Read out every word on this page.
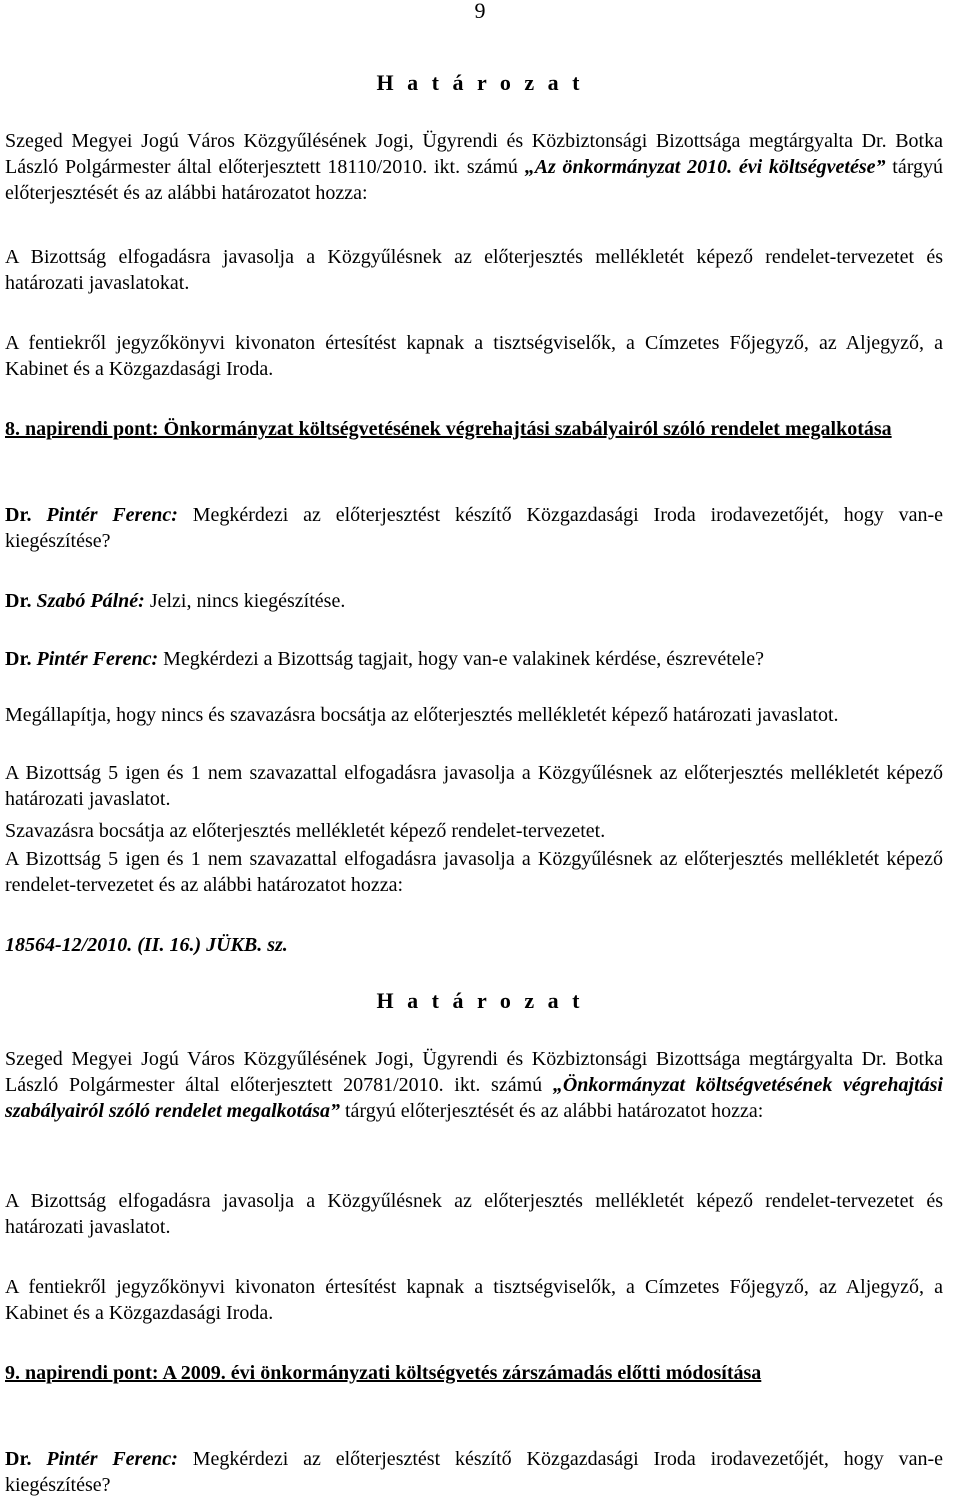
9
H a t á r o z a t

Szeged Megyei Jogú Város Közgyűlésének Jogi, Ügyrendi és Közbiztonsági Bizottsága megtárgyalta Dr. Botka László Polgármester által előterjesztett 18110/2010. ikt. számú „Az önkormányzat 2010. évi költségvetése” tárgyú előterjesztését és az alábbi határozatot hozza:

A Bizottság elfogadásra javasolja a Közgyűlésnek az előterjesztés mellékletét képező rendelet-tervezetet és határozati javaslatokat.

A fentiekről jegyzőkönyvi kivonaton értesítést kapnak a tisztségviselők, a Címzetes Főjegyző, az Aljegyző, a Kabinet és a Közgazdasági Iroda.

8. napirendi pont: Önkormányzat költségvetésének végrehajtási szabályairól szóló rendelet megalkotása

Dr. Pintér Ferenc: Megkérdezi az előterjesztést készítő Közgazdasági Iroda irodavezetőjét, hogy van-e kiegészítése?

Dr. Szabó Pálné: Jelzi, nincs kiegészítése.

Dr. Pintér Ferenc: Megkérdezi a Bizottság tagjait, hogy van-e valakinek kérdése, észrevétele?

Megállapítja, hogy nincs és szavazásra bocsátja az előterjesztés mellékletét képező határozati javaslatot.

A Bizottság 5 igen és 1 nem szavazattal elfogadásra javasolja a Közgyűlésnek az előterjesztés mellékletét képező határozati javaslatot.

Szavazásra bocsátja az előterjesztés mellékletét képező rendelet-tervezetet.

A Bizottság 5 igen és 1 nem szavazattal elfogadásra javasolja a Közgyűlésnek az előterjesztés mellékletét képező rendelet-tervezetet és az alábbi határozatot hozza:

18564-12/2010. (II. 16.) JÜKB. sz.

H a t á r o z a t

Szeged Megyei Jogú Város Közgyűlésének Jogi, Ügyrendi és Közbiztonsági Bizottsága megtárgyalta Dr. Botka László Polgármester által előterjesztett 20781/2010. ikt. számú „Önkormányzat költségvetésének végrehajtási szabályairól szóló rendelet megalkotása” tárgyú előterjesztését és az alábbi határozatot hozza:

A Bizottság elfogadásra javasolja a Közgyűlésnek az előterjesztés mellékletét képező rendelet-tervezetet és határozati javaslatot.

A fentiekről jegyzőkönyvi kivonaton értesítést kapnak a tisztségviselők, a Címzetes Főjegyző, az Aljegyző, a Kabinet és a Közgazdasági Iroda.

9. napirendi pont: A 2009. évi önkormányzati költségvetés zárszámadás előtti módosítása

Dr. Pintér Ferenc: Megkérdezi az előterjesztést készítő Közgazdasági Iroda irodavezetőjét, hogy van-e kiegészítése?
